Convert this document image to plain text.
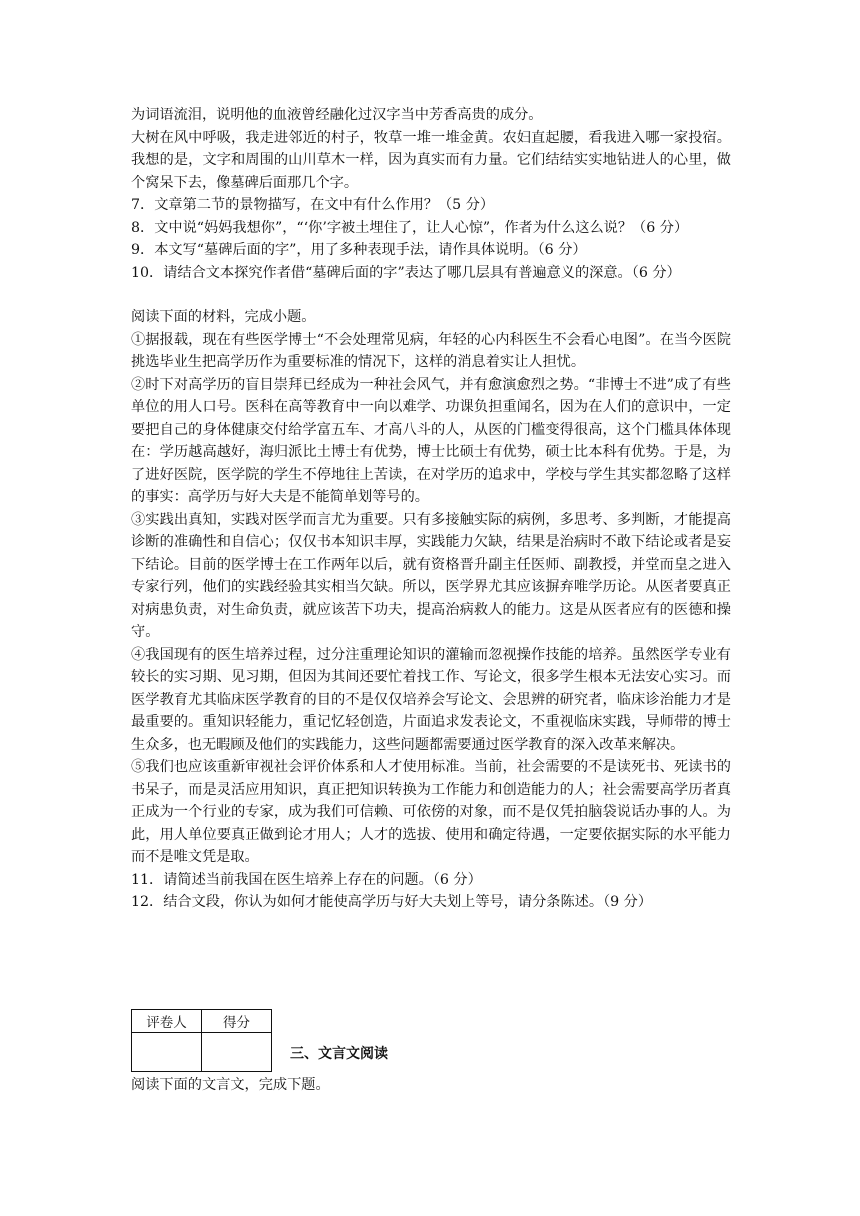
为词语流泪，说明他的血液曾经融化过汉字当中芳香高贵的成分。

大树在风中呼吸，我走进邻近的村子，牧草一堆一堆金黄。农妇直起腰，看我进入哪一家投宿。我想的是，文字和周围的山川草木一样，因为真实而有力量。它们结结实实地钻进人的心里，做个窝呆下去，像墓碑后面那几个字。

7．文章第二节的景物描写，在文中有什么作用？（5 分）

8．文中说“妈妈我想你”，“‘你’字被土埋住了，让人心惊”，作者为什么这么说？（6 分）

9．本文写“墓碑后面的字”，用了多种表现手法，请作具体说明。（6 分）

10．请结合文本探究作者借“墓碑后面的字”表达了哪几层具有普遍意义的深意。（6 分）

阅读下面的材料，完成小题。

①据报载，现在有些医学博士“不会处理常见病，年轻的心内科医生不会看心电图”。在当今医院挑选毕业生把高学历作为重要标准的情况下，这样的消息着实让人担忧。

②时下对高学历的盲目崇拜已经成为一种社会风气，并有愈演愈烈之势。“非博士不进”成了有些单位的用人口号。医科在高等教育中一向以难学、功课负担重闻名，因为在人们的意识中，一定要把自己的身体健康交付给学富五车、才高八斗的人，从医的门槛变得很高，这个门槛具体体现在：学历越高越好，海归派比土博士有优势，博士比硕士有优势，硕士比本科有优势。于是，为了进好医院，医学院的学生不停地往上苦读，在对学历的追求中，学校与学生其实都忽略了这样的事实：高学历与好大夫是不能简单划等号的。

③实践出真知，实践对医学而言尤为重要。只有多接触实际的病例，多思考、多判断，才能提高诊断的准确性和自信心；仅仅书本知识丰厚，实践能力欠缺，结果是治病时不敢下结论或者是妄下结论。目前的医学博士在工作两年以后，就有资格晋升副主任医师、副教授，并堂而皇之进入专家行列，他们的实践经验其实相当欠缺。所以，医学界尤其应该摒弃唯学历论。从医者要真正对病患负责，对生命负责，就应该苦下功夫，提高治病救人的能力。这是从医者应有的医德和操守。

④我国现有的医生培养过程，过分注重理论知识的灌输而忽视操作技能的培养。虽然医学专业有较长的实习期、见习期，但因为其间还要忙着找工作、写论文，很多学生根本无法安心实习。而医学教育尤其临床医学教育的目的不是仅仅培养会写论文、会思辨的研究者，临床诊治能力才是最重要的。重知识轻能力，重记忆轻创造，片面追求发表论文，不重视临床实践，导师带的博士生众多，也无暇顾及他们的实践能力，这些问题都需要通过医学教育的深入改革来解决。

⑤我们也应该重新审视社会评价体系和人才使用标准。当前，社会需要的不是读死书、死读书的书呆子，而是灵活应用知识，真正把知识转换为工作能力和创造能力的人；社会需要高学历者真正成为一个行业的专家，成为我们可信赖、可依傍的对象，而不是仅凭拍脑袋说话办事的人。为此，用人单位要真正做到论才用人；人才的选拔、使用和确定待遇，一定要依据实际的水平能力而不是唯文凭是取。

11．请简述当前我国在医生培养上存在的问题。（6 分）

12．结合文段，你认为如何才能使高学历与好大夫划上等号，请分条陈述。（9 分）

评卷人	得分

三、文言文阅读

阅读下面的文言文，完成下题。
